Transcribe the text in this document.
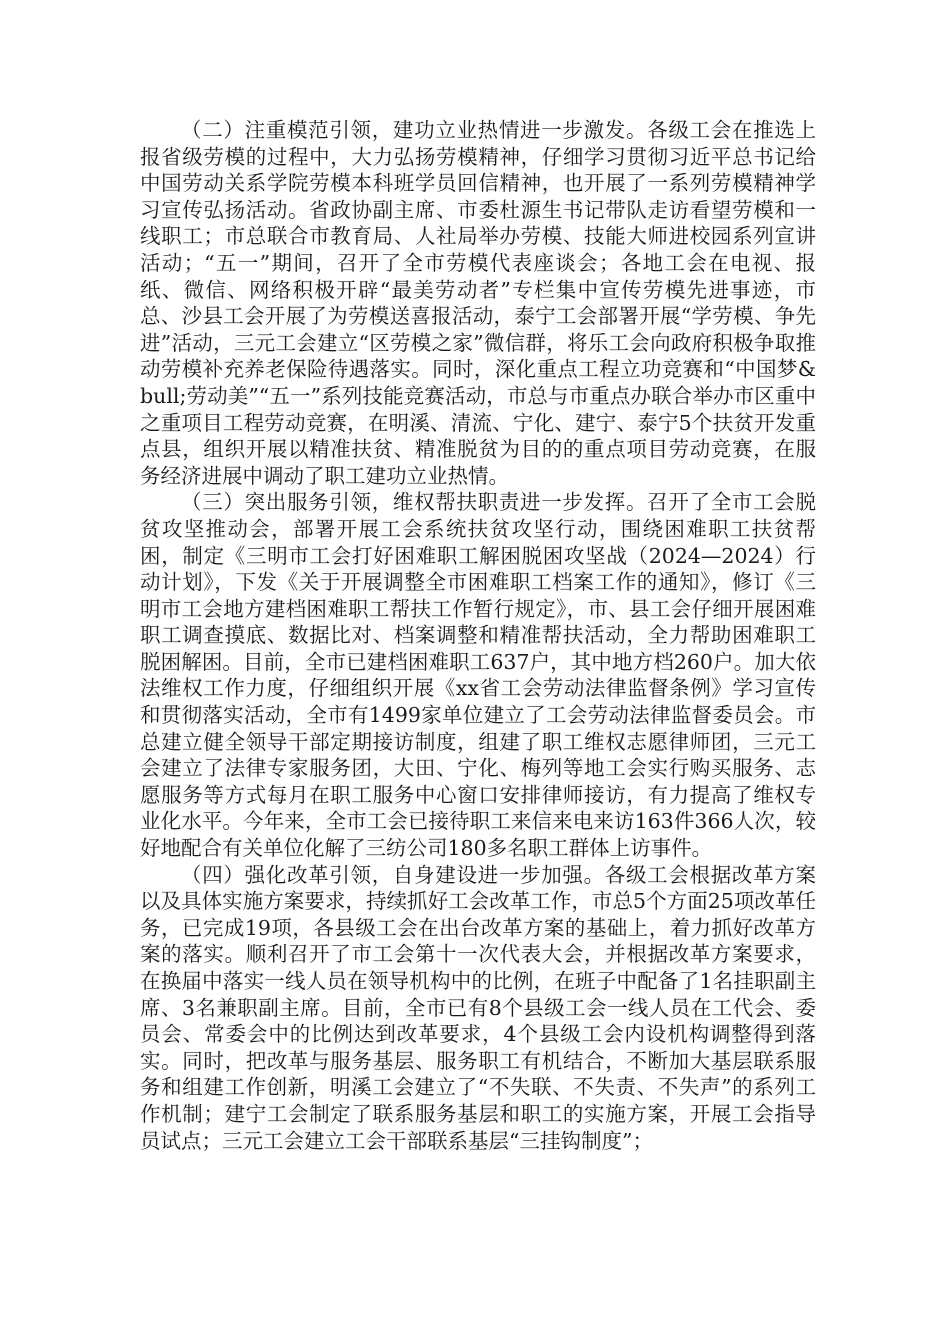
（二）注重模范引领，建功立业热情进一步激发。各级工会在推选上报省级劳模的过程中，大力弘扬劳模精神，仔细学习贯彻习近平总书记给中国劳动关系学院劳模本科班学员回信精神，也开展了一系列劳模精神学习宣传弘扬活动。省政协副主席、市委杜源生书记带队走访看望劳模和一线职工；市总联合市教育局、人社局举办劳模、技能大师进校园系列宣讲活动；“五一”期间，召开了全市劳模代表座谈会；各地工会在电视、报纸、微信、网络积极开辟“最美劳动者”专栏集中宣传劳模先进事迹，市总、沙县工会开展了为劳模送喜报活动，泰宁工会部署开展“学劳模、争先进”活动，三元工会建立“区劳模之家”微信群，将乐工会向政府积极争取推动劳模补充养老保险待遇落实。同时，深化重点工程立功竞赛和“中国梦&bull;劳动美”“五一”系列技能竞赛活动，市总与市重点办联合举办市区重中之重项目工程劳动竞赛，在明溪、清流、宁化、建宁、泰宁5个扶贫开发重点县，组织开展以精准扶贫、精准脱贫为目的的重点项目劳动竞赛，在服务经济进展中调动了职工建功立业热情。

（三）突出服务引领，维权帮扶职责进一步发挥。召开了全市工会脱贫攻坚推动会，部署开展工会系统扶贫攻坚行动，围绕困难职工扶贫帮困，制定《三明市工会打好困难职工解困脱困攻坚战（2024—2024）行动计划》，下发《关于开展调整全市困难职工档案工作的通知》，修订《三明市工会地方建档困难职工帮扶工作暂行规定》，市、县工会仔细开展困难职工调查摸底、数据比对、档案调整和精准帮扶活动，全力帮助困难职工脱困解困。目前，全市已建档困难职工637户，其中地方档260户。加大依法维权工作力度，仔细组织开展《xx省工会劳动法律监督条例》学习宣传和贯彻落实活动，全市有1499家单位建立了工会劳动法律监督委员会。市总建立健全领导干部定期接访制度，组建了职工维权志愿律师团，三元工会建立了法律专家服务团，大田、宁化、梅列等地工会实行购买服务、志愿服务等方式每月在职工服务中心窗口安排律师接访，有力提高了维权专业化水平。今年来，全市工会已接待职工来信来电来访163件366人次，较好地配合有关单位化解了三纺公司180多名职工群体上访事件。

（四）强化改革引领，自身建设进一步加强。各级工会根据改革方案以及具体实施方案要求，持续抓好工会改革工作，市总5个方面25项改革任务，已完成19项，各县级工会在出台改革方案的基础上，着力抓好改革方案的落实。顺利召开了市工会第十一次代表大会，并根据改革方案要求，在换届中落实一线人员在领导机构中的比例，在班子中配备了1名挂职副主席、3名兼职副主席。目前，全市已有8个县级工会一线人员在工代会、委员会、常委会中的比例达到改革要求，4个县级工会内设机构调整得到落实。同时，把改革与服务基层、服务职工有机结合，不断加大基层联系服务和组建工作创新，明溪工会建立了“不失联、不失责、不失声”的系列工作机制；建宁工会制定了联系服务基层和职工的实施方案，开展工会指导员试点；三元工会建立工会干部联系基层“三挂钩制度”；
